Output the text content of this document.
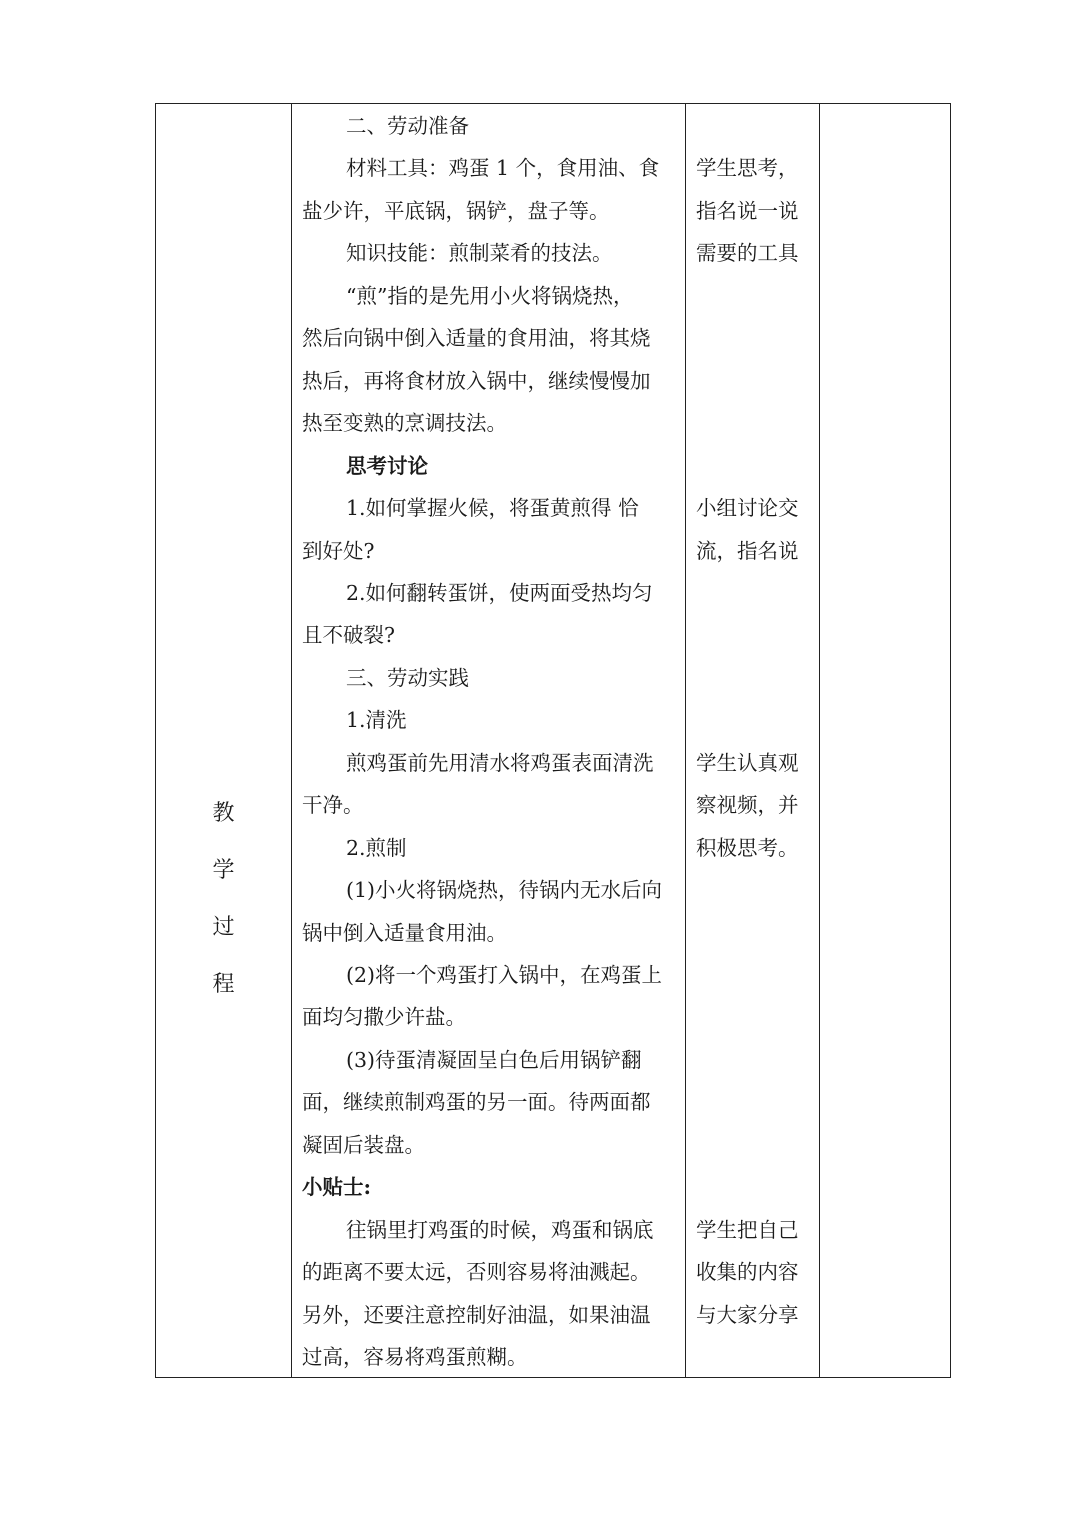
教
学
过
程
二、劳动准备
材料工具：鸡蛋 1 个，食用油、食
盐少许，平底锅，锅铲，盘子等。
知识技能：煎制菜肴的技法。
“煎”指的是先用小火将锅烧热，
然后向锅中倒入适量的食用油，将其烧
热后，再将食材放入锅中，继续慢慢加
热至变熟的烹调技法。
思考讨论
1.如何掌握火候，将蛋黄煎得 恰
到好处?
2.如何翻转蛋饼，使两面受热均匀
且不破裂?
三、劳动实践
1.清洗
煎鸡蛋前先用清水将鸡蛋表面清洗
干净。
2.煎制
(1)小火将锅烧热，待锅内无水后向
锅中倒入适量食用油。
(2)将一个鸡蛋打入锅中，在鸡蛋上
面均匀撒少许盐。
(3)待蛋清凝固呈白色后用锅铲翻
面，继续煎制鸡蛋的另一面。待两面都
凝固后装盘。
小贴士:
往锅里打鸡蛋的时候，鸡蛋和锅底
的距离不要太远，否则容易将油溅起。
另外，还要注意控制好油温，如果油温
过高，容易将鸡蛋煎糊。
学生思考，
指名说一说
需要的工具
小组讨论交
流，指名说
学生认真观
察视频，并
积极思考。
学生把自己
收集的内容
与大家分享
